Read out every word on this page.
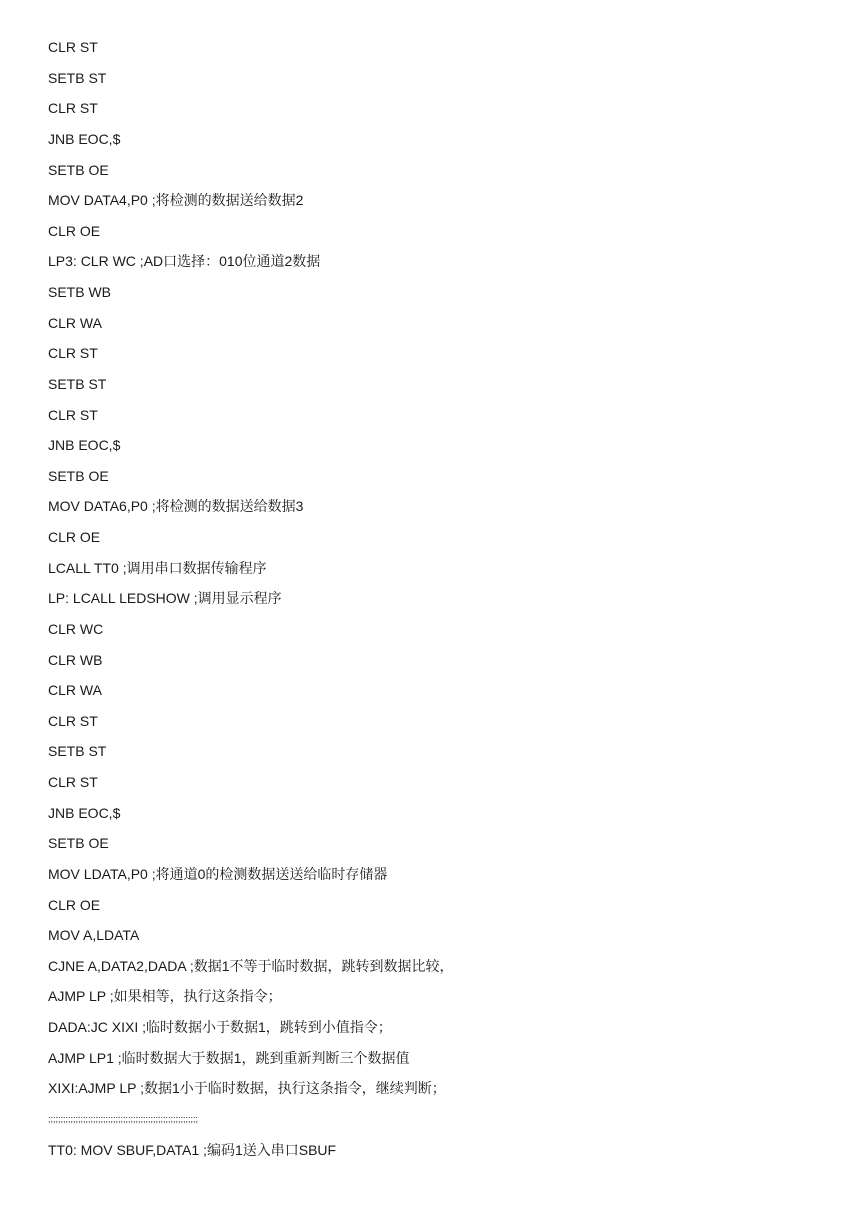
CLR ST
SETB ST
CLR ST
JNB EOC,$
SETB OE
MOV DATA4,P0 ;将检测的数据送给数据2
CLR OE
LP3: CLR WC ;AD口选择：010位通道2数据
SETB WB
CLR WA
CLR ST
SETB ST
CLR ST
JNB EOC,$
SETB OE
MOV DATA6,P0 ;将检测的数据送给数据3
CLR OE
LCALL TT0 ;调用串口数据传输程序
LP: LCALL LEDSHOW ;调用显示程序
CLR WC
CLR WB
CLR WA
CLR ST
SETB ST
CLR ST
JNB EOC,$
SETB OE
MOV LDATA,P0 ;将通道0的检测数据送送给临时存储器
CLR OE
MOV A,LDATA
CJNE A,DATA2,DADA ;数据1不等于临时数据，跳转到数据比较，
AJMP LP ;如果相等，执行这条指令；
DADA:JC XIXI ;临时数据小于数据1，跳转到小值指令；
AJMP LP1 ;临时数据大于数据1，跳到重新判断三个数据值
XIXI:AJMP LP ;数据1小于临时数据，执行这条指令，继续判断；
;;;;;;;;;;;;;;;;;;;;;;;;;;;;;;;;;;;;;;;;;;;;;;;;;;;;;;;;;;;;
TT0: MOV SBUF,DATA1 ;编码1送入串口SBUF
